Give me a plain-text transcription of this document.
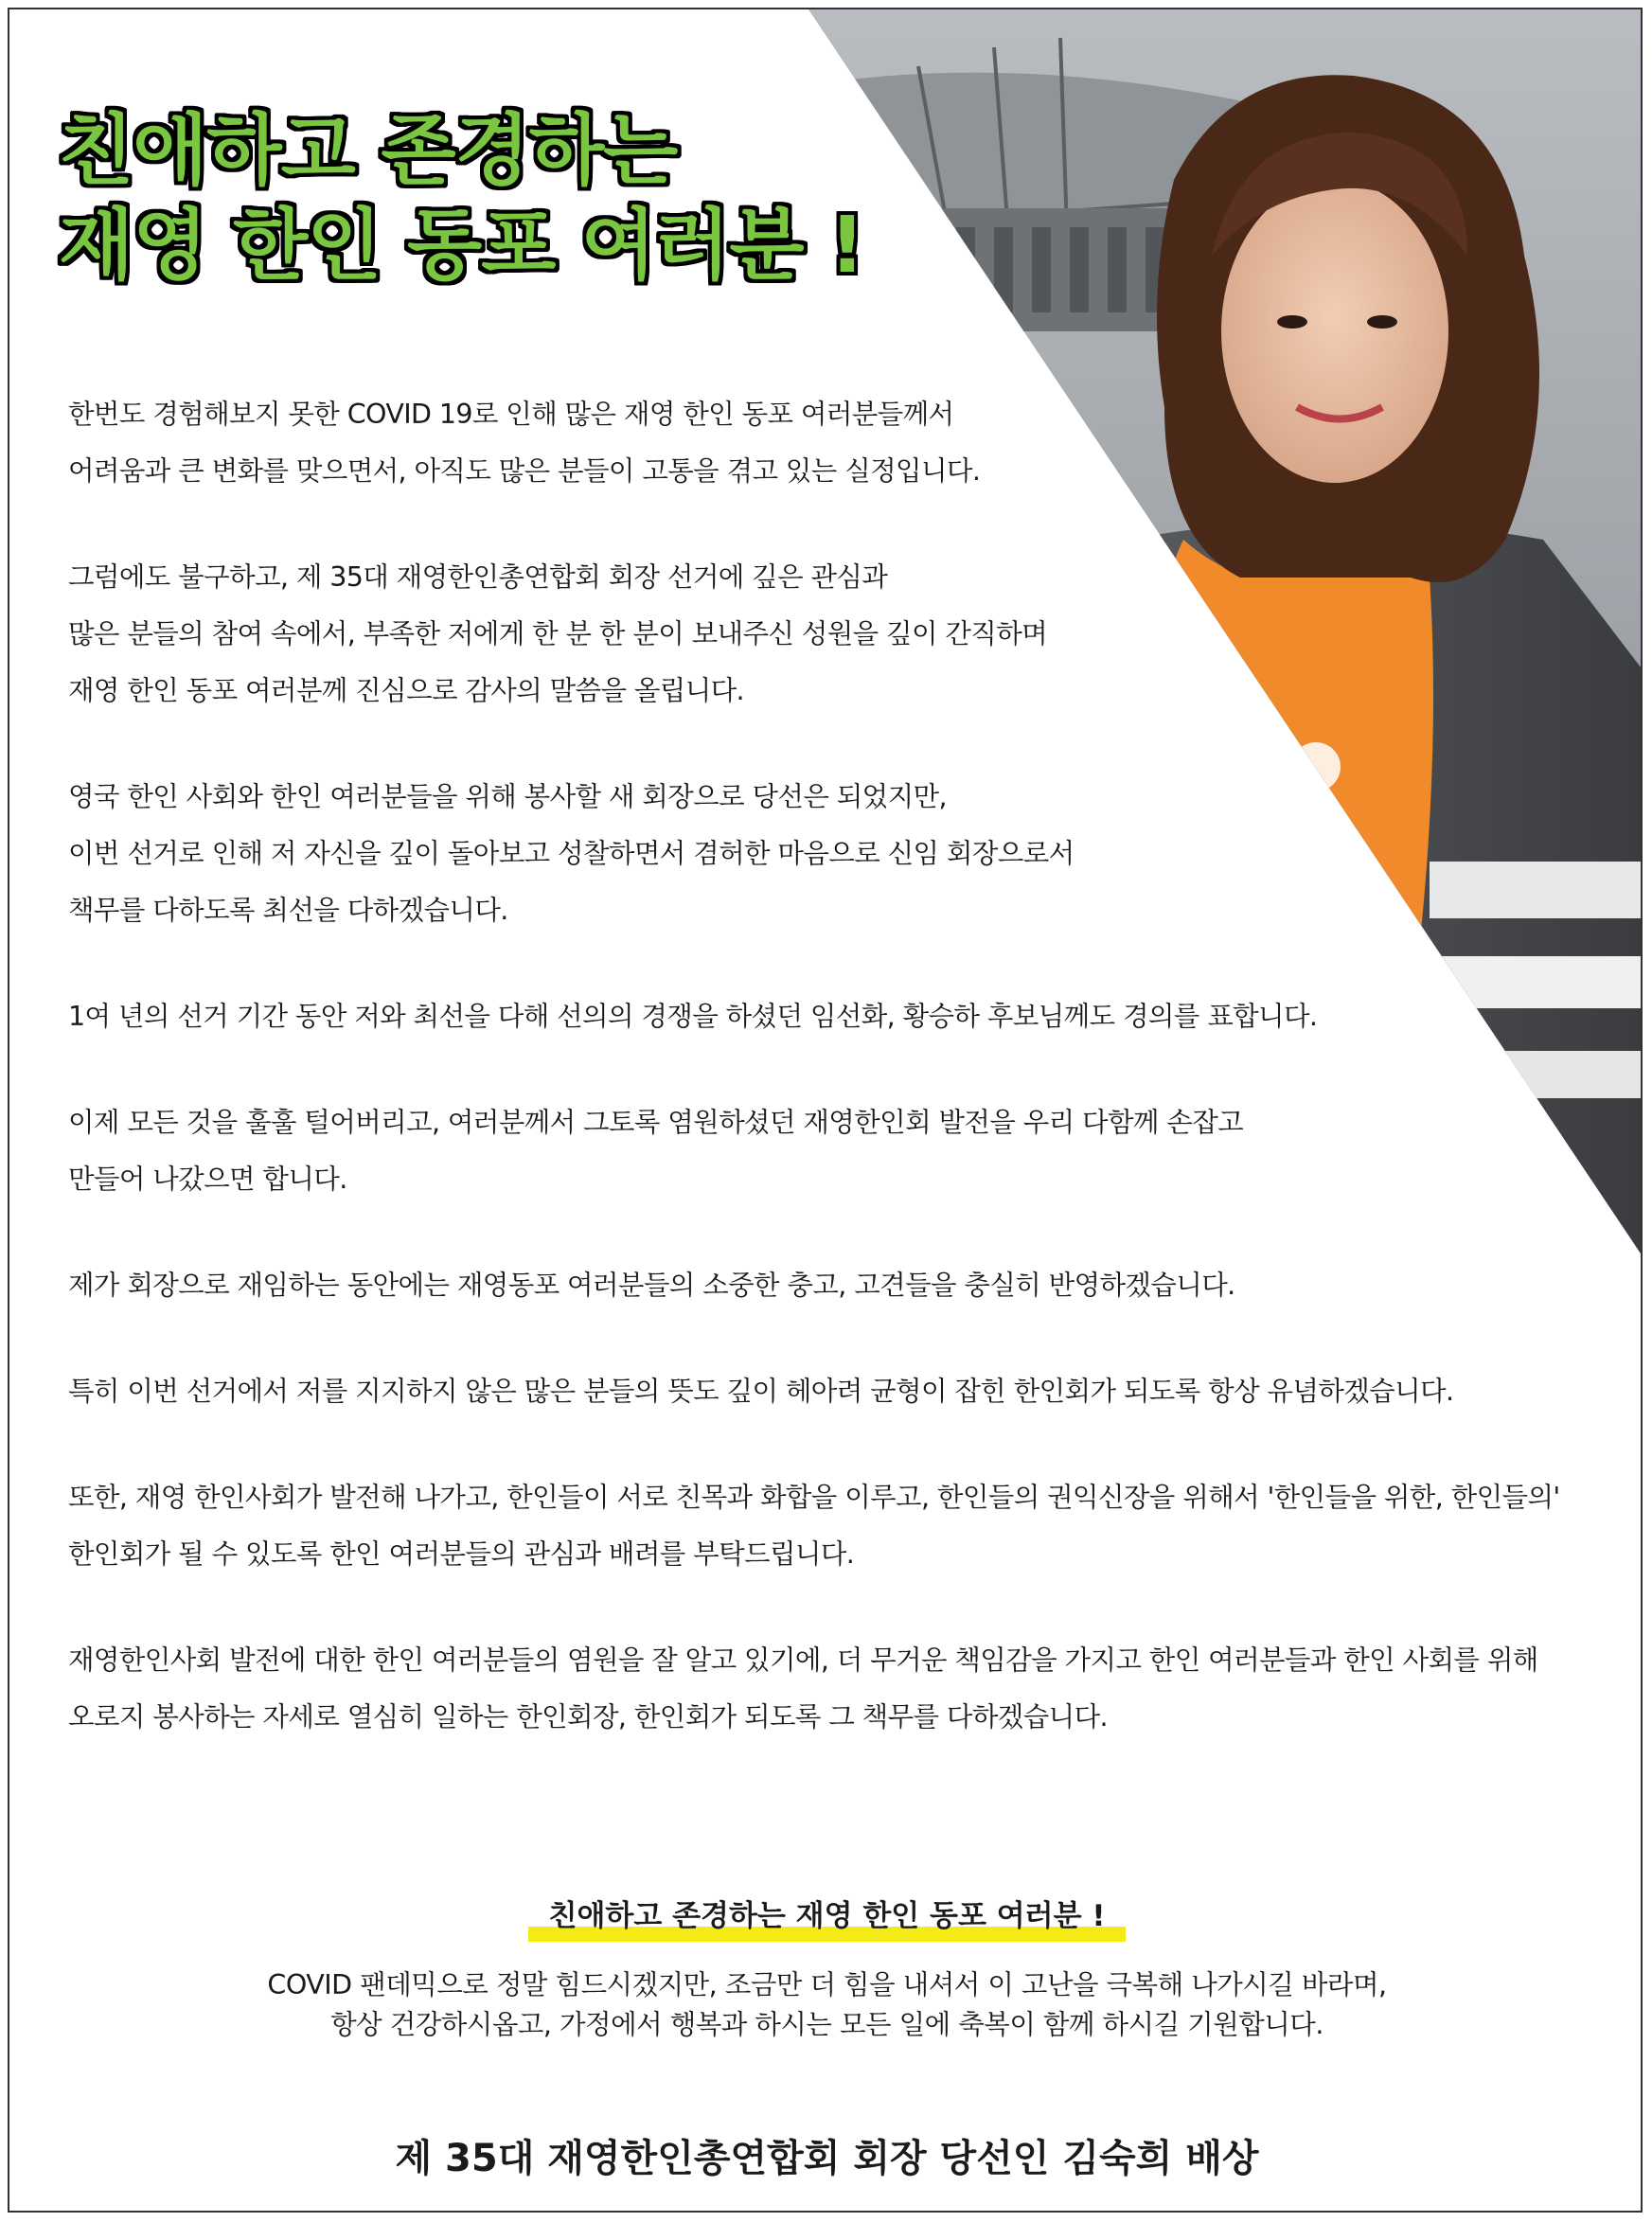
친애하고 존경하는
재영 한인 동포 여러분 !

한번도 경험해보지 못한 COVID 19로 인해 많은 재영 한인 동포 여러분들께서
어려움과 큰 변화를 맞으면서, 아직도 많은 분들이 고통을 겪고 있는 실정입니다.

그럼에도 불구하고, 제 35대 재영한인총연합회 회장 선거에 깊은 관심과
많은 분들의 참여 속에서, 부족한 저에게 한 분 한 분이 보내주신 성원을 깊이 간직하며
재영 한인 동포 여러분께 진심으로 감사의 말씀을 올립니다.

영국 한인 사회와 한인 여러분들을 위해 봉사할 새 회장으로 당선은 되었지만,
이번 선거로 인해 저 자신을 깊이 돌아보고 성찰하면서 겸허한 마음으로 신임 회장으로서
책무를 다하도록 최선을 다하겠습니다.

1여 년의 선거 기간 동안 저와 최선을 다해 선의의 경쟁을 하셨던 임선화, 황승하 후보님께도 경의를 표합니다.

이제 모든 것을 훌훌 털어버리고, 여러분께서 그토록 염원하셨던 재영한인회 발전을 우리 다함께 손잡고
만들어 나갔으면 합니다.

제가 회장으로 재임하는 동안에는 재영동포 여러분들의 소중한 충고, 고견들을 충실히 반영하겠습니다.

특히 이번 선거에서 저를 지지하지 않은 많은 분들의 뜻도 깊이 헤아려 균형이 잡힌 한인회가 되도록 항상 유념하겠습니다.

또한, 재영 한인사회가 발전해 나가고, 한인들이 서로 친목과 화합을 이루고, 한인들의 권익신장을 위해서 '한인들을 위한, 한인들의'
한인회가 될 수 있도록 한인 여러분들의 관심과 배려를 부탁드립니다.

재영한인사회 발전에 대한 한인 여러분들의 염원을 잘 알고 있기에, 더 무거운 책임감을 가지고 한인 여러분들과 한인 사회를 위해
오로지 봉사하는 자세로 열심히 일하는 한인회장, 한인회가 되도록 그 책무를 다하겠습니다.

친애하고 존경하는 재영 한인 동포 여러분 !
COVID 팬데믹으로 정말 힘드시겠지만, 조금만 더 힘을 내셔서 이 고난을 극복해 나가시길 바라며,
항상 건강하시옵고, 가정에서 행복과 하시는 모든 일에 축복이 함께 하시길 기원합니다.
제 35대 재영한인총연합회 회장 당선인 김숙희 배상
